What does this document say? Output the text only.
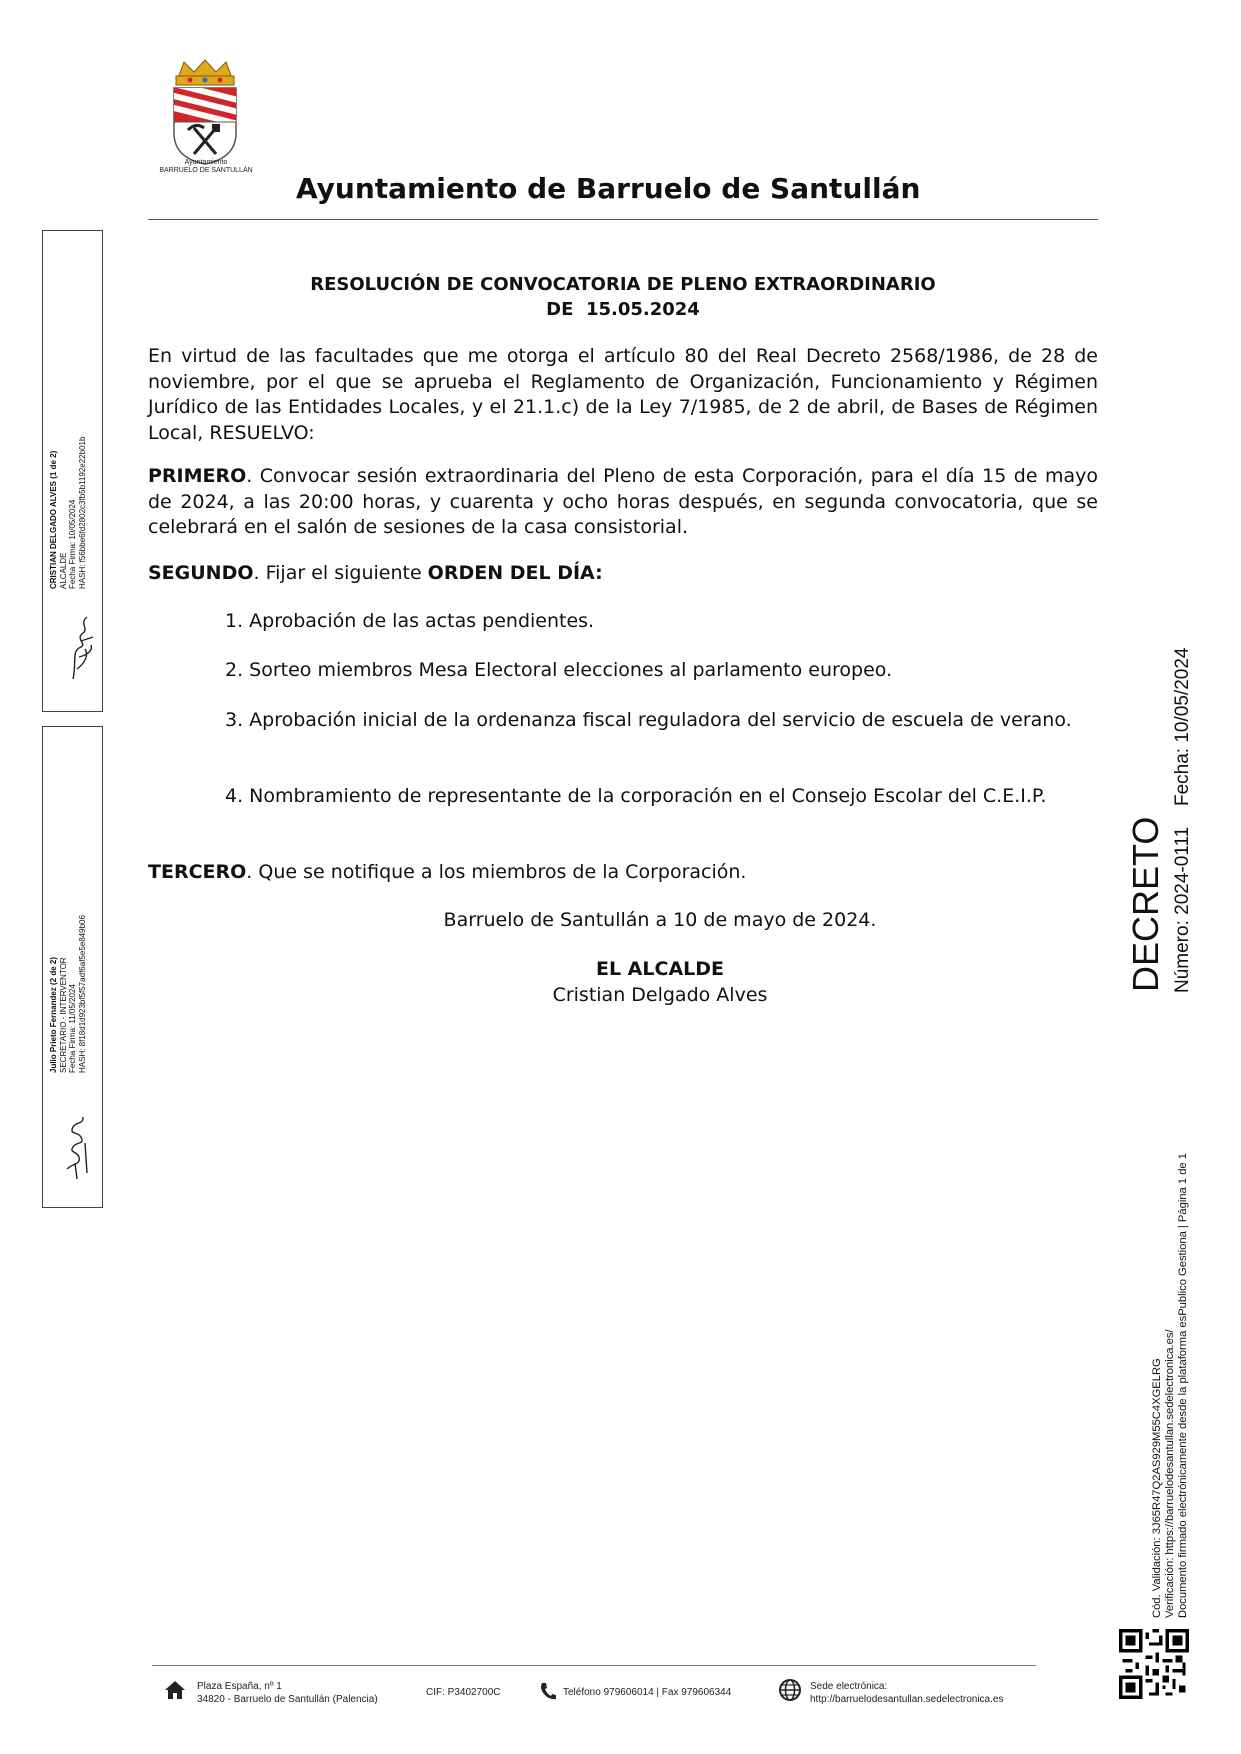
Ayuntamiento
BARRUELO DE SANTULLÁN
Ayuntamiento de Barruelo de Santullán
RESOLUCIÓN DE CONVOCATORIA DE PLENO EXTRAORDINARIO
DE  15.05.2024
En virtud de las facultades que me otorga el artículo 80 del Real Decreto 2568/1986, de 28 de noviembre, por el que se aprueba el Reglamento de Organización, Funcionamiento y Régimen Jurídico de las Entidades Locales, y el 21.1.c) de la Ley 7/1985, de 2 de abril, de Bases de Régimen Local, RESUELVO:
PRIMERO. Convocar sesión extraordinaria del Pleno de esta Corporación, para el día 15 de mayo de 2024, a las 20:00 horas, y cuarenta y ocho horas después, en segunda convocatoria, que se celebrará en el salón de sesiones de la casa consistorial.
SEGUNDO. Fijar el siguiente ORDEN DEL DÍA:
1. Aprobación de las actas pendientes.
2. Sorteo miembros Mesa Electoral elecciones al parlamento europeo.
3. Aprobación inicial de la ordenanza fiscal reguladora del servicio de escuela de verano.
4. Nombramiento de representante de la corporación en el Consejo Escolar del C.E.I.P.
TERCERO. Que se notifique a los miembros de la Corporación.
Barruelo de Santullán a 10 de mayo de 2024.
EL ALCALDE
Cristian Delgado Alves
CRISTIAN DELGADO ALVES (1 de 2) ALCALDE Fecha Firma: 10/05/2024 HASH: f56bbe6fd2802c3fb5b1192e22b01b
Julio Prieto Fernandez (2 de 2) SECRETARIO - INTERVENTOR Fecha Firma: 11/05/2024 HASH: 8f18d1d923bf5f57adf6af5e5e849b06
DECRETO Número: 2024-0111
Fecha: 10/05/2024
Cód. Validación: 3J65R47Q2AS929M55C4XGELRG Verificación: https://barruelodesantullan.sedelectronica.es/ Documento firmado electrónicamente desde la plataforma esPublico Gestiona | Página 1 de 1
Plaza España, nº 1
34820 - Barruelo de Santullán (Palencia)
CIF: P3402700C	Teléfono 979606014 | Fax 979606344
Sede electrónica:
http://barruelodesantullan.sedelectronica.es
